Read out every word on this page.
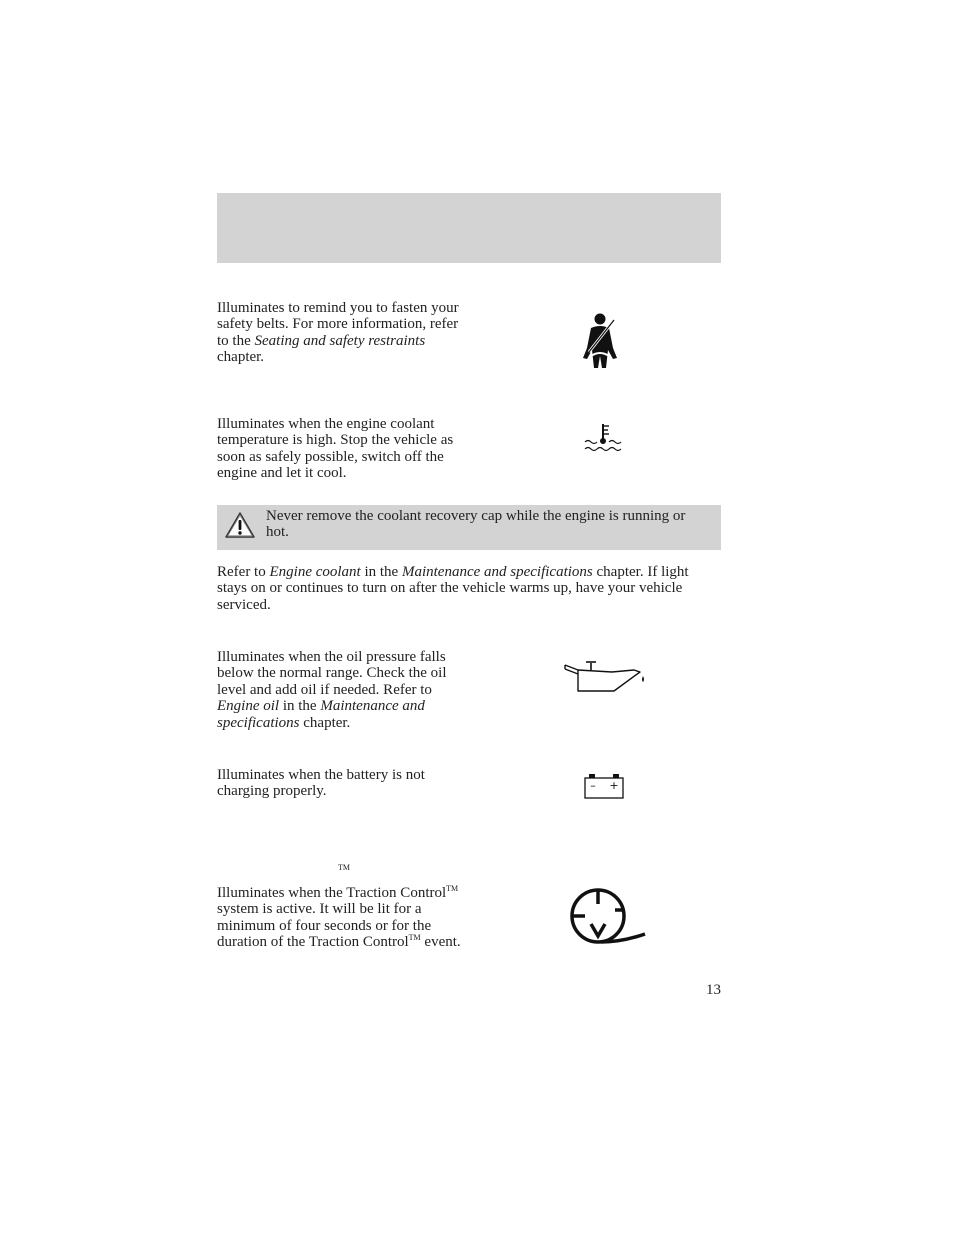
Illuminates to remind you to fasten your safety belts. For more information, refer to the Seating and safety restraints chapter.

Illuminates when the engine coolant temperature is high. Stop the vehicle as soon as safely possible, switch off the engine and let it cool.

Never remove the coolant recovery cap while the engine is running or hot.

Refer to Engine coolant in the Maintenance and specifications chapter. If light stays on or continues to turn on after the vehicle warms up, have your vehicle serviced.

Illuminates when the oil pressure falls below the normal range. Check the oil level and add oil if needed. Refer to Engine oil in the Maintenance and specifications chapter.

Illuminates when the battery is not charging properly.	– +
TM

Illuminates when the Traction Control™ system is active. It will be lit for a minimum of four seconds or for the duration of the Traction Control™ event.

13
